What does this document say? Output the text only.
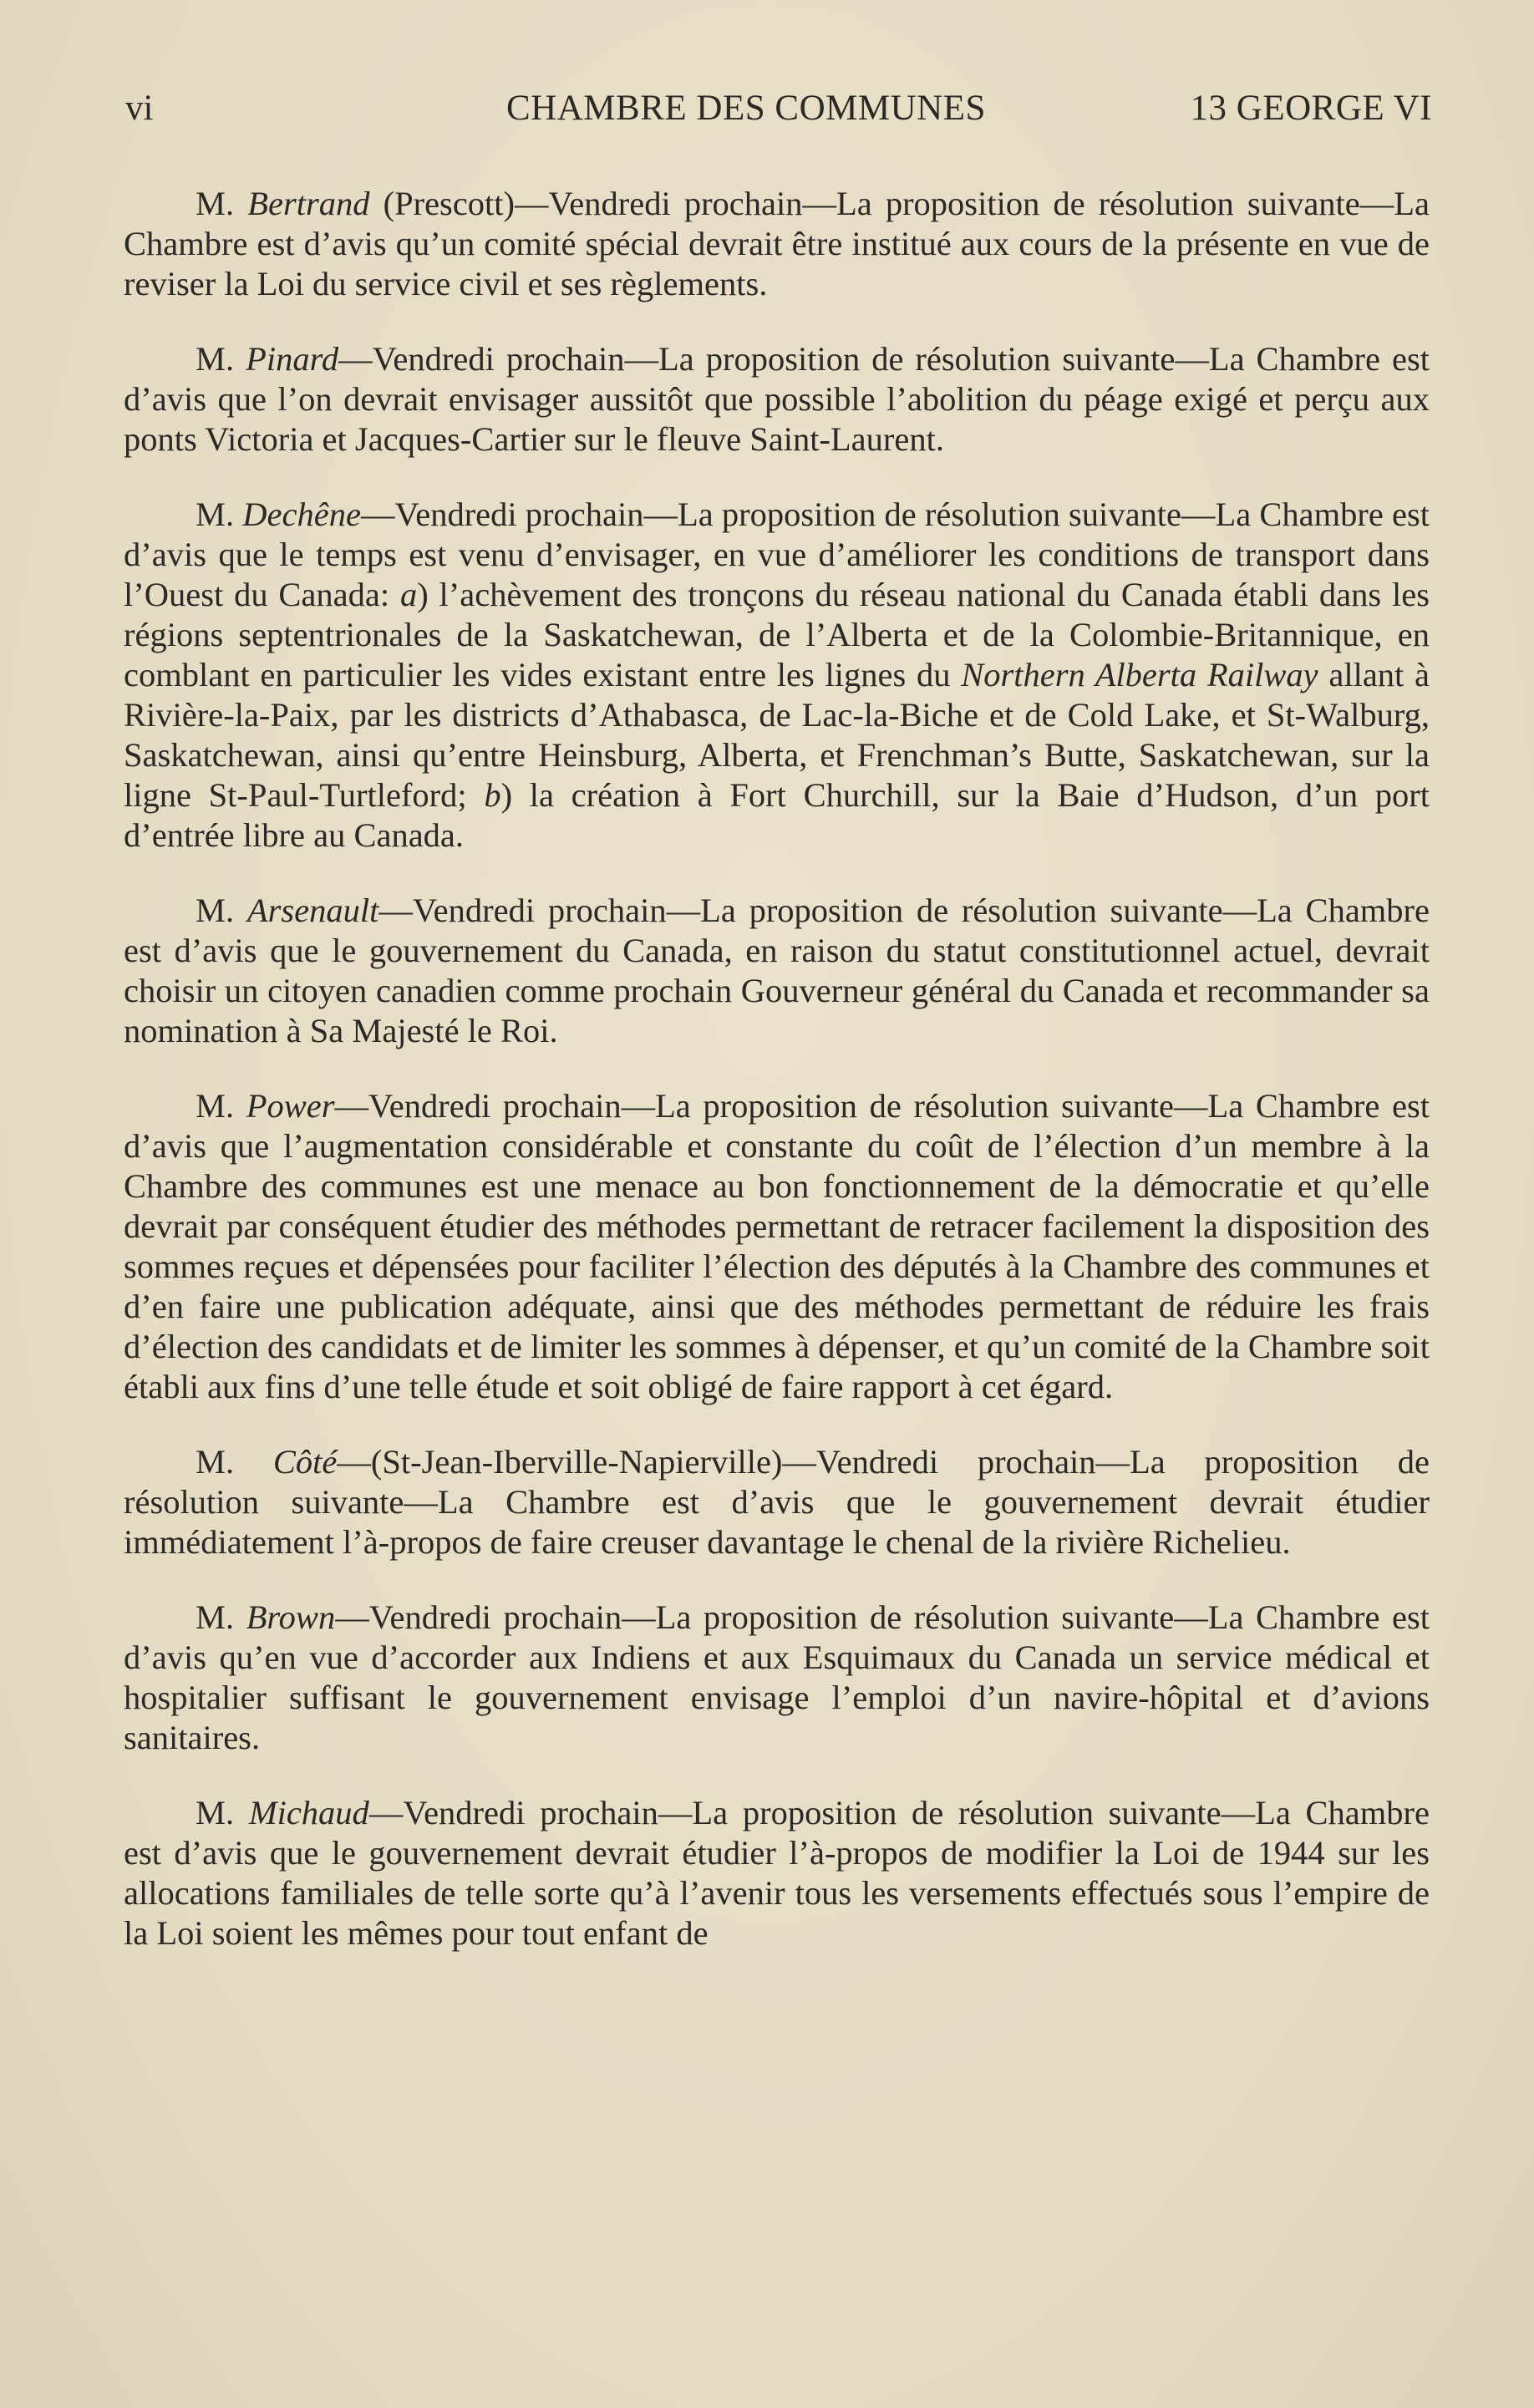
vi	CHAMBRE DES COMMUNES	13 GEORGE VI

M. Bertrand (Prescott)—Vendredi prochain—La proposition de résolution suivante—La Chambre est d’avis qu’un comité spécial devrait être institué aux cours de la présente en vue de reviser la Loi du service civil et ses règlements.

M. Pinard—Vendredi prochain—La proposition de résolution suivante—La Chambre est d’avis que l’on devrait envisager aussitôt que possible l’abolition du péage exigé et perçu aux ponts Victoria et Jacques-Cartier sur le fleuve Saint-Laurent.

M. Dechêne—Vendredi prochain—La proposition de résolution suivante—La Chambre est d’avis que le temps est venu d’envisager, en vue d’améliorer les conditions de transport dans l’Ouest du Canada: a) l’achèvement des tronçons du réseau national du Canada établi dans les régions septentrionales de la Saskatchewan, de l’Alberta et de la Colombie-Britannique, en comblant en particulier les vides existant entre les lignes du Northern Alberta Railway allant à Rivière-la-Paix, par les districts d’Athabasca, de Lac-la-Biche et de Cold Lake, et St-Walburg, Saskatchewan, ainsi qu’entre Heinsburg, Alberta, et Frenchman’s Butte, Saskatchewan, sur la ligne St-Paul-Turtleford; b) la création à Fort Churchill, sur la Baie d’Hudson, d’un port d’entrée libre au Canada.

M. Arsenault—Vendredi prochain—La proposition de résolution suivante—La Chambre est d’avis que le gouvernement du Canada, en raison du statut constitutionnel actuel, devrait choisir un citoyen canadien comme prochain Gouverneur général du Canada et recommander sa nomination à Sa Majesté le Roi.

M. Power—Vendredi prochain—La proposition de résolution suivante—La Chambre est d’avis que l’augmentation considérable et constante du coût de l’élection d’un membre à la Chambre des communes est une menace au bon fonctionnement de la démocratie et qu’elle devrait par conséquent étudier des méthodes permettant de retracer facilement la disposition des sommes reçues et dépensées pour faciliter l’élection des députés à la Chambre des communes et d’en faire une publication adéquate, ainsi que des méthodes permettant de réduire les frais d’élection des candidats et de limiter les sommes à dépenser, et qu’un comité de la Chambre soit établi aux fins d’une telle étude et soit obligé de faire rapport à cet égard.

M. Côté—(St-Jean-Iberville-Napierville)—Vendredi prochain—La proposition de résolution suivante—La Chambre est d’avis que le gouvernement devrait étudier immédiatement l’à-propos de faire creuser davantage le chenal de la rivière Richelieu.

M. Brown—Vendredi prochain—La proposition de résolution suivante—La Chambre est d’avis qu’en vue d’accorder aux Indiens et aux Esquimaux du Canada un service médical et hospitalier suffisant le gouvernement envisage l’emploi d’un navire-hôpital et d’avions sanitaires.

M. Michaud—Vendredi prochain—La proposition de résolution suivante—La Chambre est d’avis que le gouvernement devrait étudier l’à-propos de modifier la Loi de 1944 sur les allocations familiales de telle sorte qu’à l’avenir tous les versements effectués sous l’empire de la Loi soient les mêmes pour tout enfant de
